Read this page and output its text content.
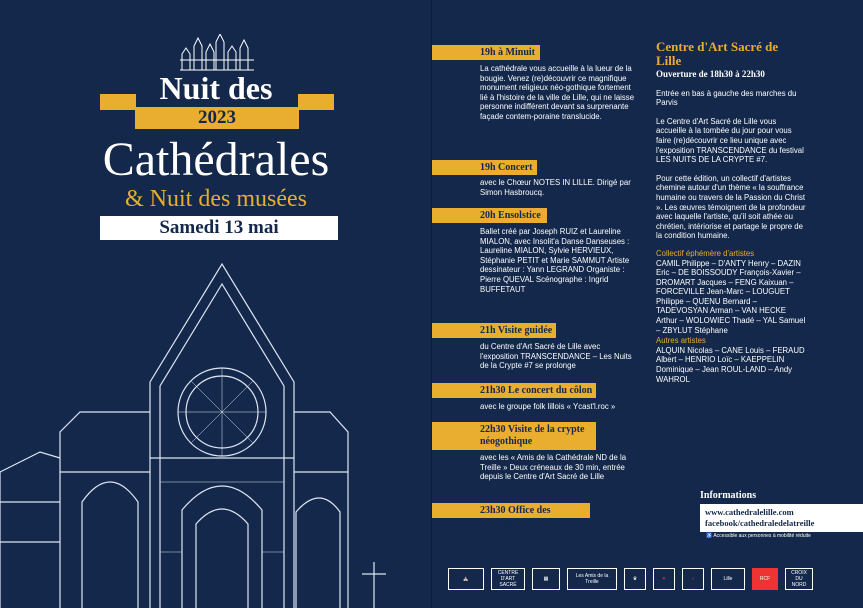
Nuit des
2023
Cathédrales
& Nuit des musées
Samedi 13 mai
19h à Minuit
La cathédrale vous accueille à la lueur de la bougie. Venez (re)découvrir ce magnifique monument religieux néo-gothique fortement lié à l'histoire de la ville de Lille, qui ne laisse personne indifférent devant sa surprenante façade contem-poraine translucide.
19h Concert
avec le Chœur NOTES IN LILLE. Dirigé par Simon Hasbroucq.
20h Ensolstice
Ballet créé par Joseph RUIZ et Laureline MIALON, avec Insolit'a Danse Danseuses : Laureline MIALON, Sylvie HERVIEUX, Stéphanie PETIT et Marie SAMMUT Artiste dessinateur : Yann LEGRAND Organiste : Pierre QUEVAL Scénographe : Ingrid BUFFETAUT
21h Visite guidée
du Centre d'Art Sacré de Lille avec l'exposition TRANSCENDANCE – Les Nuits de la Crypte #7 se prolonge
21h30 Le concert du côlon
avec le groupe folk lillois « Ycast'l.roc »
22h30 Visite de la crypte néogothique
avec les « Amis de la Cathédrale ND de la Treille » Deux créneaux de 30 min, entrée depuis le Centre d'Art Sacré de Lille
23h30 Office des complies
Centre d'Art Sacré de Lille
Ouverture de 18h30 à 22h30

Entrée en bas à gauche des marches du Parvis

Le Centre d'Art Sacré de Lille vous accueille à la tombée du jour pour vous faire (re)découvrir ce lieu unique avec l'exposition TRANSCENDANCE du festival LES NUITS DE LA CRYPTE #7.

Pour cette édition, un collectif d'artistes chemine autour d'un thème « la souffrance humaine ou travers de la Passion du Christ ». Les œuvres témoignent de la profondeur avec laquelle l'artiste, qu'il soit athée ou chrétien, intériorise et partage le propre de la condition humaine.

Collectif éphémère d'artistes
CAMIL Philippe – D'ANTY Henry – DAZIN Eric – DE BOISSOUDY François-Xavier – DROMART Jacques – FENG Kaixuan – FORCEVILLE Jean-Marc – LOUGUET Philippe – QUENU Bernard – TADEVOSYAN Arman – VAN HECKE Arthur – WOLOWIEC Thadé – YAL Samuel – ZBYLUT Stéphane
Autres artistes
ALQUIN Nicolas – CANE Louis – FERAUD Albert – HENRIO Loïc – KAEPPELIN Dominique – Jean ROUL-LAND – Andy WAHROL
Informations
www.cathedralelille.com
facebook/cathedraledelatreille
♿ Accessible aux personnes à mobilité réduite
⛪
CENTRE D'ART SACRÉ
▦	Les Amis de la Treille	♛	✦	♪	Lille	RCF
CROIX DU NORD
